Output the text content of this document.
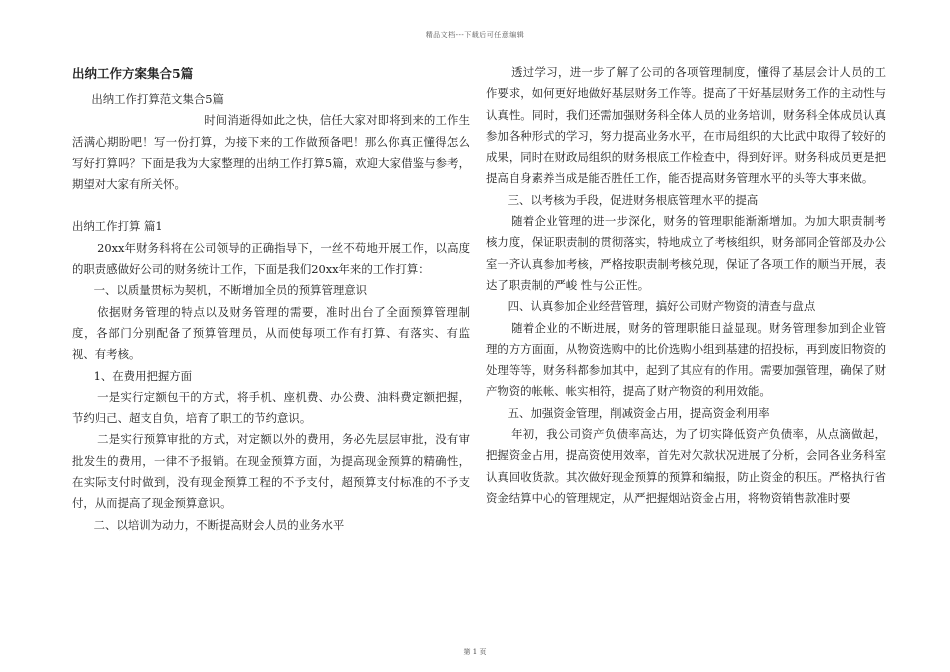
精品文档---下载后可任意编辑

出纳工作方案集合5篇

出纳工作打算范文集合5篇

时间消逝得如此之快，信任大家对即将到来的工作生活满心期盼吧！写一份打算，为接下来的工作做预备吧！那么你真正懂得怎么写好打算吗？下面是我为大家整理的出纳工作打算5篇，欢迎大家借鉴与参考，期望对大家有所关怀。

出纳工作打算 篇1

20xx年财务科将在公司领导的正确指导下，一丝不苟地开展工作，以高度的职责感做好公司的财务统计工作，下面是我们20xx年来的工作打算：

一、以质量贯标为契机，不断增加全员的预算管理意识

依据财务管理的特点以及财务管理的需要，准时出台了全面预算管理制度，各部门分别配备了预算管理员，从而使每项工作有打算、有落实、有监视、有考核。

1、在费用把握方面

一是实行定额包干的方式，将手机、座机费、办公费、油料费定额把握，节约归己、超支自负，培育了职工的节约意识。

二是实行预算审批的方式，对定额以外的费用，务必先层层审批，没有审批发生的费用，一律不予报销。在现金预算方面，为提高现金预算的精确性，在实际支付时做到，没有现金预算工程的不予支付，超预算支付标准的不予支付，从而提高了现金预算意识。

二、以培训为动力，不断提高财会人员的业务水平

透过学习，进一步了解了公司的各项管理制度，懂得了基层会计人员的工作要求，如何更好地做好基层财务工作等。提高了干好基层财务工作的主动性与认真性。同时，我们还需加强财务科全体人员的业务培训，财务科全体成员认真参加各种形式的学习，努力提高业务水平，在市局组织的大比武中取得了较好的成果，同时在财政局组织的财务根底工作检查中，得到好评。财务科成员更是把提高自身素养当成是能否胜任工作，能否提高财务管理水平的头等大事来做。

三、以考核为手段，促进财务根底管理水平的提高

随着企业管理的进一步深化，财务的管理职能渐渐增加。为加大职责制考核力度，保证职责制的贯彻落实，特地成立了考核组织，财务部同企管部及办公室一齐认真参加考核，严格按职责制考核兑现，保证了各项工作的顺当开展，表达了职责制的严峻 性与公正性。

四、认真参加企业经营管理，搞好公司财产物资的清查与盘点

随着企业的不断进展，财务的管理职能日益显现。财务管理参加到企业管理的方方面面，从物资选购中的比价选购小组到基建的招投标，再到废旧物资的处理等等，财务科都参加其中，起到了其应有的作用。需要加强管理，确保了财产物资的帐帐、帐实相符，提高了财产物资的利用效能。

五、加强资金管理，削减资金占用，提高资金利用率

年初，我公司资产负债率高达，为了切实降低资产负债率，从点滴做起，把握资金占用，提高资使用效率，首先对欠款状况进展了分析，会同各业务科室认真回收货款。其次做好现金预算的预算和编报，防止资金的积压。严格执行省资金结算中心的管理规定，从严把握烟站资金占用，将物资销售款准时要

第 1 页
